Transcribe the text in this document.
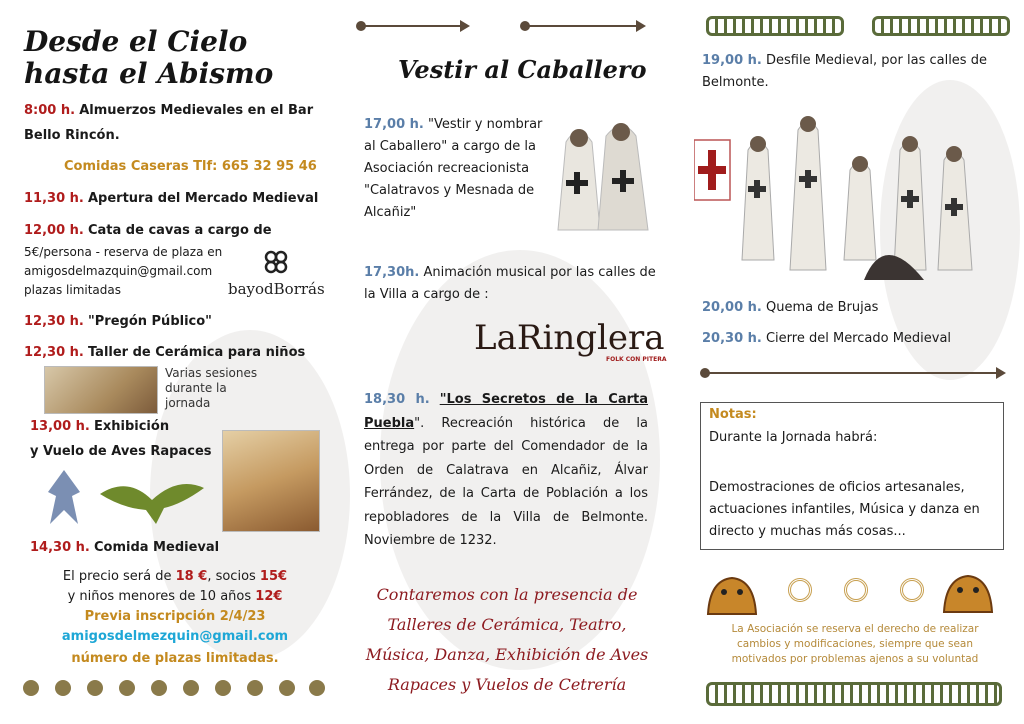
Desde el Cielo
hasta el Abismo
8:00 h. Almuerzos Medievales en el Bar
Bello Rincón.
Comidas Caseras Tlf: 665 32 95 46
11,30 h. Apertura del Mercado Medieval
12,00 h. Cata de cavas a cargo de
5€/persona - reserva de plaza en
amigosdelmazquin@gmail.com
plazas limitadas	bayodBorrás
12,30 h. "Pregón Público"
12,30 h. Taller de Cerámica para niños
Varias sesiones durante la jornada
13,00 h. Exhibición
y Vuelo de Aves Rapaces
14,30 h. Comida Medieval
El precio será de 18 €, socios 15€
y niños menores de 10 años 12€
Previa inscripción 2/4/23
amigosdelmezquin@gmail.com
número de plazas limitadas.
Vestir al Caballero
17,00 h. "Vestir y nombrar
al Caballero" a cargo de la
Asociación recreacionista
"Calatravos y Mesnada de
Alcañiz"
17,30h. Animación musical por las calles de
la Villa a cargo de :
LaRinglera
FOLK CON PITERA
18,30 h. "Los Secretos de la Carta Puebla". Recreación histórica de la entrega por parte del Comendador de la Orden de Calatrava en Alcañiz, Álvar Ferrández, de la Carta de Población a los repobladores de la Villa de Belmonte. Noviembre de 1232.
Contaremos con la presencia de
Talleres de Cerámica, Teatro,
Música, Danza, Exhibición de Aves
Rapaces y Vuelos de Cetrería
19,00 h. Desfile Medieval, por las calles de
Belmonte.
20,00 h. Quema de Brujas
20,30 h. Cierre del Mercado Medieval
Notas:
Durante la Jornada habrá:
Demostraciones de oficios artesanales, actuaciones infantiles, Música y danza en directo y muchas más cosas...
La Asociación se reserva el derecho de realizar cambios y modificaciones, siempre que sean motivados por problemas ajenos a su voluntad
